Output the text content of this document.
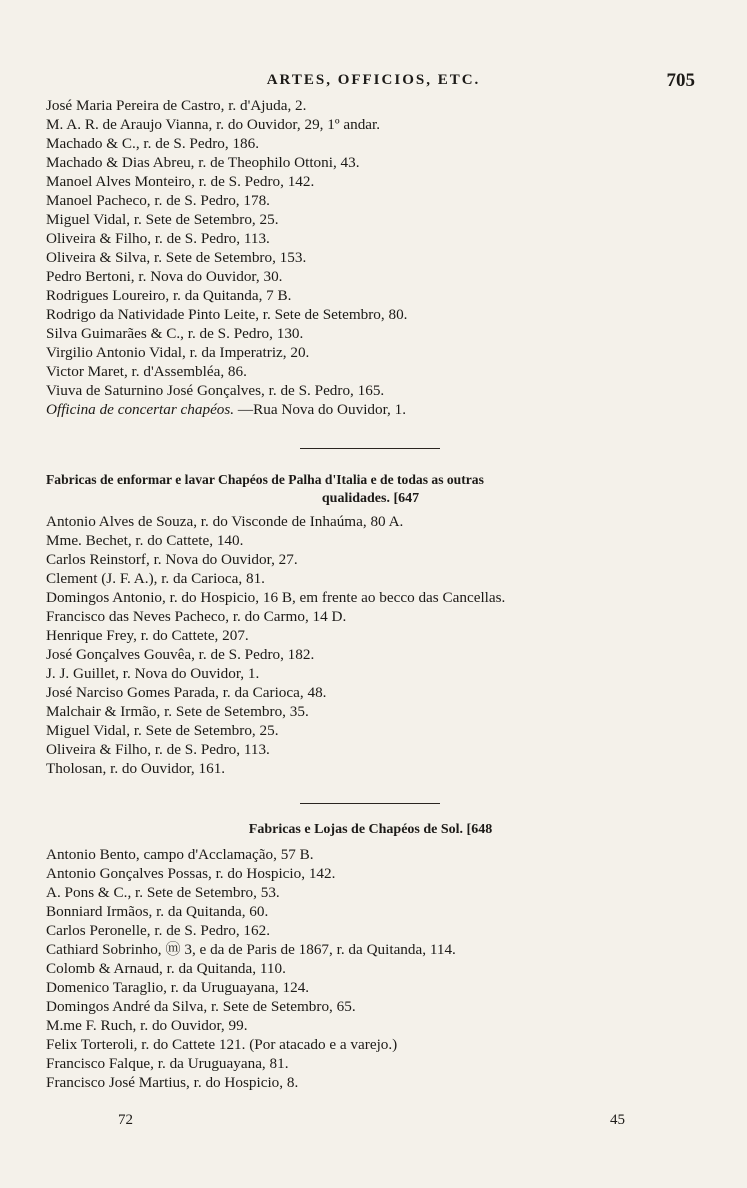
ARTES, OFFICIOS, ETC.	705
José Maria Pereira de Castro, r. d'Ajuda, 2.
M. A. R. de Araujo Vianna, r. do Ouvidor, 29, 1º andar.
Machado & C., r. de S. Pedro, 186.
Machado & Dias Abreu, r. de Theophilo Ottoni, 43.
Manoel Alves Monteiro, r. de S. Pedro, 142.
Manoel Pacheco, r. de S. Pedro, 178.
Miguel Vidal, r. Sete de Setembro, 25.
Oliveira & Filho, r. de S. Pedro, 113.
Oliveira & Silva, r. Sete de Setembro, 153.
Pedro Bertoni, r. Nova do Ouvidor, 30.
Rodrigues Loureiro, r. da Quitanda, 7 B.
Rodrigo da Natividade Pinto Leite, r. Sete de Setembro, 80.
Silva Guimarães & C., r. de S. Pedro, 130.
Virgilio Antonio Vidal, r. da Imperatriz, 20.
Victor Maret, r. d'Assembléa, 86.
Viuva de Saturnino José Gonçalves, r. de S. Pedro, 165.
Officina de concertar chapéos. —Rua Nova do Ouvidor, 1.
Fabricas de enformar e lavar Chapéos de Palha d'Italia e de todas as outras
qualidades. [647
Antonio Alves de Souza, r. do Visconde de Inhaúma, 80 A.
Mme. Bechet, r. do Cattete, 140.
Carlos Reinstorf, r. Nova do Ouvidor, 27.
Clement (J. F. A.), r. da Carioca, 81.
Domingos Antonio, r. do Hospicio, 16 B, em frente ao becco das Cancellas.
Francisco das Neves Pacheco, r. do Carmo, 14 D.
Henrique Frey, r. do Cattete, 207.
José Gonçalves Gouvêa, r. de S. Pedro, 182.
J. J. Guillet, r. Nova do Ouvidor, 1.
José Narciso Gomes Parada, r. da Carioca, 48.
Malchair & Irmão, r. Sete de Setembro, 35.
Miguel Vidal, r. Sete de Setembro, 25.
Oliveira & Filho, r. de S. Pedro, 113.
Tholosan, r. do Ouvidor, 161.
Fabricas e Lojas de Chapéos de Sol. [648
Antonio Bento, campo d'Acclamação, 57 B.
Antonio Gonçalves Possas, r. do Hospicio, 142.
A. Pons & C., r. Sete de Setembro, 53.
Bonniard Irmãos, r. da Quitanda, 60.
Carlos Peronelle, r. de S. Pedro, 162.
Cathiard Sobrinho, ⓜ 3, e da de Paris de 1867, r. da Quitanda, 114.
Colomb & Arnaud, r. da Quitanda, 110.
Domenico Taraglio, r. da Uruguayana, 124.
Domingos André da Silva, r. Sete de Setembro, 65.
M.me F. Ruch, r. do Ouvidor, 99.
Felix Torteroli, r. do Cattete 121. (Por atacado e a varejo.)
Francisco Falque, r. da Uruguayana, 81.
Francisco José Martius, r. do Hospicio, 8.
72	45
